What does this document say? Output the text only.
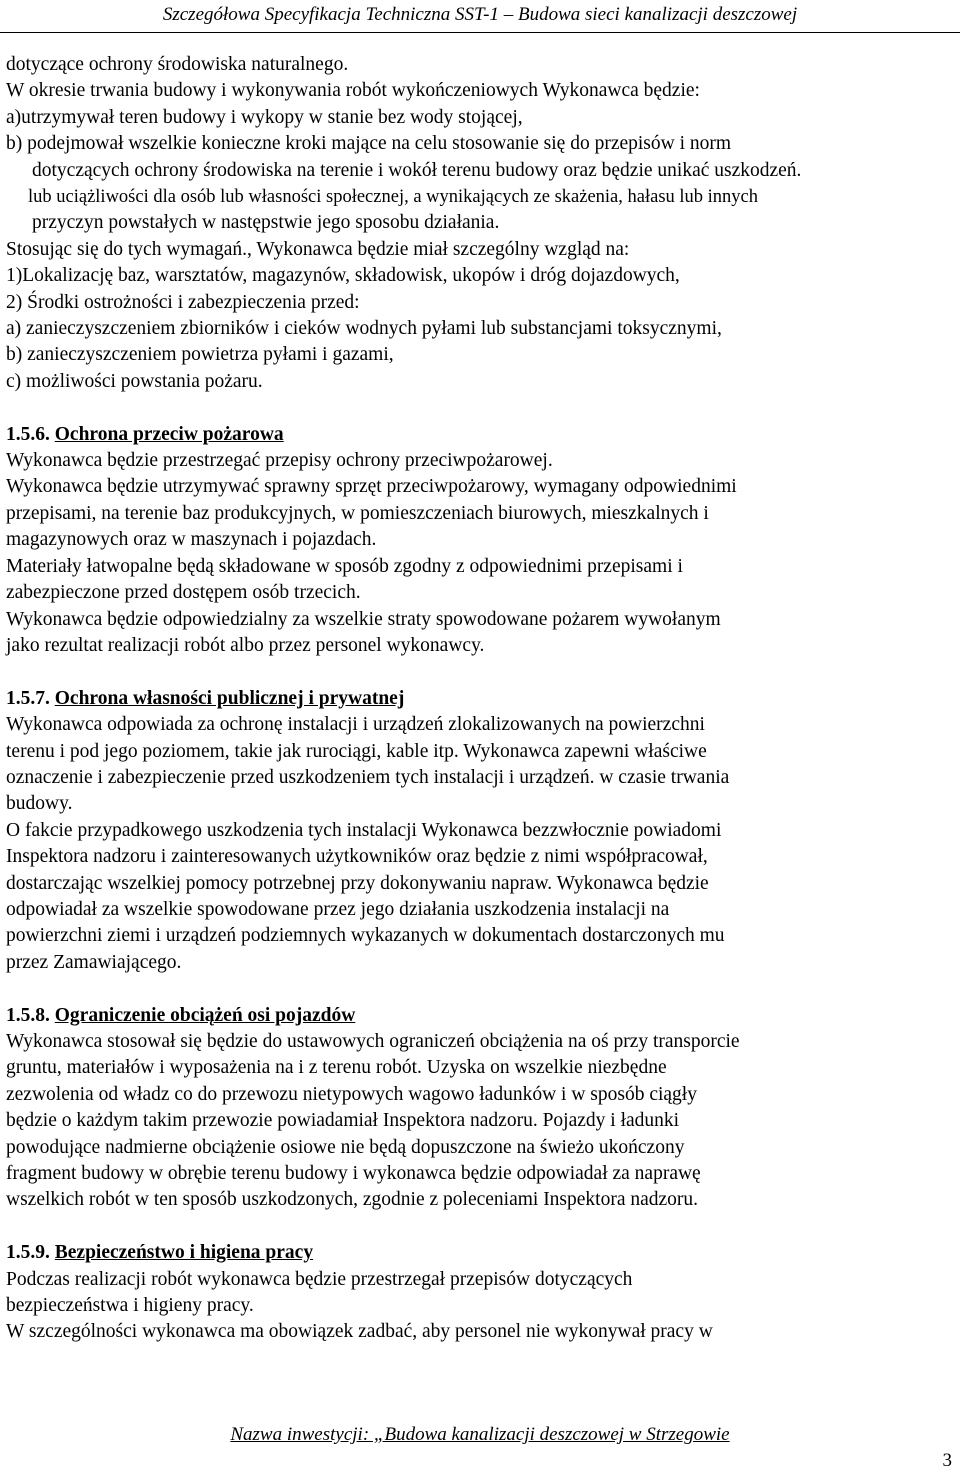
Szczegółowa Specyfikacja Techniczna SST-1 – Budowa sieci kanalizacji deszczowej
dotyczące ochrony środowiska naturalnego.
W okresie trwania budowy i wykonywania robót wykończeniowych Wykonawca będzie:
a)utrzymywał teren budowy i wykopy w stanie bez wody stojącej,
b) podejmował wszelkie konieczne kroki mające na celu stosowanie się do przepisów i norm
dotyczących ochrony środowiska na terenie i wokół terenu budowy oraz będzie unikać uszkodzeń.
lub uciążliwości dla osób lub własności społecznej, a wynikających ze skażenia, hałasu lub innych
przyczyn powstałych w następstwie jego sposobu działania.
Stosując się do tych wymagań., Wykonawca będzie miał szczególny wzgląd na:
1)Lokalizację baz, warsztatów, magazynów, składowisk, ukopów i dróg dojazdowych,
2) Środki ostrożności i zabezpieczenia przed:
a) zanieczyszczeniem zbiorników i cieków wodnych pyłami lub substancjami toksycznymi,
b) zanieczyszczeniem powietrza pyłami i gazami,
c) możliwości powstania pożaru.
1.5.6. Ochrona przeciw pożarowa
Wykonawca będzie przestrzegać przepisy ochrony przeciwpożarowej.
Wykonawca będzie utrzymywać sprawny sprzęt przeciwpożarowy, wymagany odpowiednimi
przepisami, na terenie baz produkcyjnych, w pomieszczeniach biurowych, mieszkalnych i
magazynowych oraz w maszynach i pojazdach.
Materiały łatwopalne będą składowane w sposób zgodny z odpowiednimi przepisami i
zabezpieczone przed dostępem osób trzecich.
Wykonawca będzie odpowiedzialny za wszelkie straty spowodowane pożarem wywołanym
jako rezultat realizacji robót albo przez personel wykonawcy.
1.5.7. Ochrona własności publicznej i prywatnej
Wykonawca odpowiada za ochronę instalacji i urządzeń zlokalizowanych na powierzchni
terenu i pod jego poziomem, takie jak rurociągi, kable itp. Wykonawca zapewni właściwe
oznaczenie i zabezpieczenie przed uszkodzeniem tych instalacji i urządzeń. w czasie trwania
budowy.
O fakcie przypadkowego uszkodzenia tych instalacji Wykonawca bezzwłocznie powiadomi
Inspektora nadzoru i zainteresowanych użytkowników oraz będzie z nimi współpracował,
dostarczając wszelkiej pomocy potrzebnej przy dokonywaniu napraw. Wykonawca będzie
odpowiadał za wszelkie spowodowane przez jego działania uszkodzenia instalacji na
powierzchni ziemi i urządzeń podziemnych wykazanych w dokumentach dostarczonych mu
przez Zamawiającego.
1.5.8. Ograniczenie obciążeń osi pojazdów
Wykonawca stosował się będzie do ustawowych ograniczeń obciążenia na oś przy transporcie
gruntu, materiałów i wyposażenia na i z terenu robót. Uzyska on wszelkie niezbędne
zezwolenia od władz co do przewozu nietypowych wagowo ładunków i w sposób ciągły
będzie o każdym takim przewozie powiadamiał Inspektora nadzoru. Pojazdy i ładunki
powodujące nadmierne obciążenie osiowe nie będą dopuszczone na świeżo ukończony
fragment budowy w obrębie terenu budowy i wykonawca będzie odpowiadał za naprawę
wszelkich robót w ten sposób uszkodzonych, zgodnie z poleceniami Inspektora nadzoru.
1.5.9. Bezpieczeństwo i higiena pracy
Podczas realizacji robót wykonawca będzie przestrzegał przepisów dotyczących
bezpieczeństwa i higieny pracy.
W szczególności wykonawca ma obowiązek zadbać, aby personel nie wykonywał pracy w
Nazwa inwestycji: „Budowa kanalizacji deszczowej w Strzegowie
3
